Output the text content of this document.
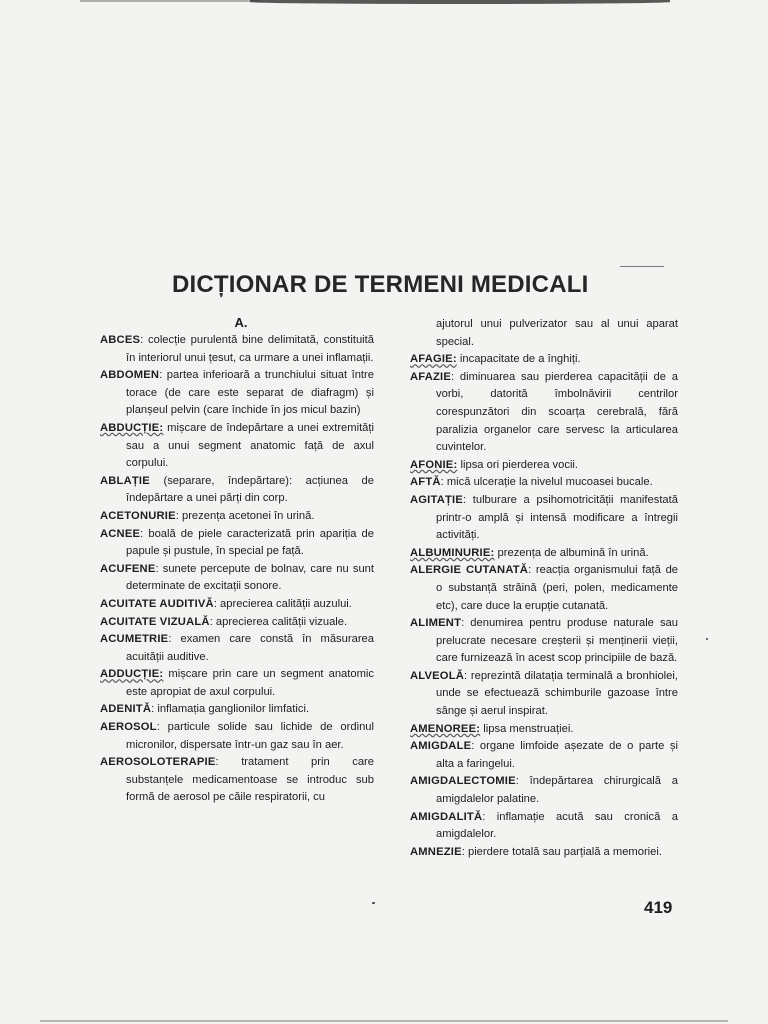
DICȚIONAR DE TERMENI MEDICALI
A.
ABCES: colecție purulentă bine delimitată, constituită în interiorul unui țesut, ca urmare a unei inflamații.
ABDOMEN: partea inferioară a trunchiului situat între torace (de care este separat de diafragm) și planșeul pelvin (care închide în jos micul bazin)
ABDUCȚIE: mișcare de îndepărtare a unei extremități sau a unui segment anatomic față de axul corpului.
ABLAȚIE (separare, îndepărtare): acțiunea de îndepărtare a unei părți din corp.
ACETONURIE: prezența acetonei în urină.
ACNEE: boală de piele caracterizată prin apariția de papule și pustule, în special pe față.
ACUFENE: sunete percepute de bolnav, care nu sunt determinate de excitații sonore.
ACUITATE AUDITIVĂ: aprecierea calității auzului.
ACUITATE VIZUALĂ: aprecierea calității vizuale.
ACUMETRIE: examen care constă în măsurarea acuității auditive.
ADDUCȚIE: mișcare prin care un segment anatomic este apropiat de axul corpului.
ADENITĂ: inflamația ganglionilor limfatici.
AEROSOL: particule solide sau lichide de ordinul micronilor, dispersate într-un gaz sau în aer.
AEROSOLOTERAPIE: tratament prin care substanțele medicamentoase se introduc sub formă de aerosol pe căile respiratorii, cu
ajutorul unui pulverizator sau al unui aparat special.
AFAGIE: incapacitate de a înghiți.
AFAZIE: diminuarea sau pierderea capacității de a vorbi, datorită îmbolnăvirii centrilor corespunzători din scoarța cerebrală, fără paralizia organelor care servesc la articularea cuvintelor.
AFONIE: lipsa ori pierderea vocii.
AFTĂ: mică ulcerație la nivelul mucoasei bucale.
AGITAȚIE: tulburare a psihomotricității manifestată printr-o amplă și intensă modificare a întregii activități.
ALBUMINURIE: prezența de albumină în urină.
ALERGIE CUTANATĂ: reacția organismului față de o substanță străină (peri, polen, medicamente etc), care duce la erupție cutanată.
ALIMENT: denumirea pentru produse naturale sau prelucrate necesare creșterii și menținerii vieții, care furnizează în acest scop principiile de bază.
ALVEOLĂ: reprezintă dilatația terminală a bronhiolei, unde se efectuează schimburile gazoase între sânge și aerul inspirat.
AMENOREE: lipsa menstruației.
AMIGDALE: organe limfoide așezate de o parte și alta a faringelui.
AMIGDALECTOMIE: îndepărtarea chirurgicală a amigdalelor palatine.
AMIGDALITĂ: inflamație acută sau cronică a amigdalelor.
AMNEZIE: pierdere totală sau parțială a memoriei.
419
